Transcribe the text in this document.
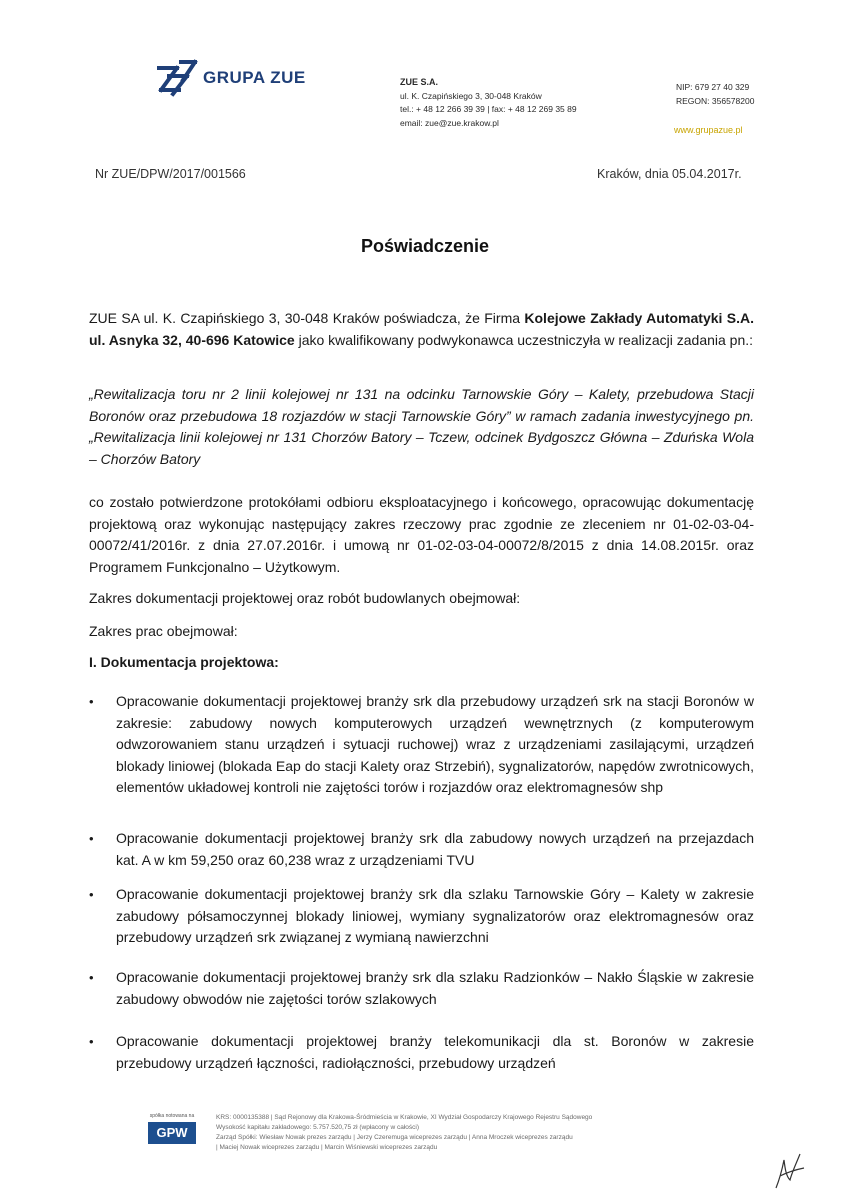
GRUPA ZUE	ZUE S.A.
ul. K. Czapińskiego 3, 30-048 Kraków
tel.: + 48 12 266 39 39 | fax: + 48 12 269 35 89
email: zue@zue.krakow.pl
NIP: 679 27 40 329
REGON: 356578200
www.grupazue.pl
Nr ZUE/DPW/2017/001566	Kraków, dnia 05.04.2017r.
Poświadczenie
ZUE SA ul. K. Czapińskiego 3, 30-048 Kraków poświadcza, że Firma Kolejowe Zakłady Automatyki S.A. ul. Asnyka 32, 40-696 Katowice jako kwalifikowany podwykonawca uczestniczyła w realizacji zadania pn.:
„Rewitalizacja toru nr 2 linii kolejowej nr 131 na odcinku Tarnowskie Góry – Kalety, przebudowa Stacji Boronów oraz przebudowa 18 rozjazdów w stacji Tarnowskie Góry” w ramach zadania inwestycyjnego pn. „Rewitalizacja linii kolejowej nr 131 Chorzów Batory – Tczew, odcinek Bydgoszcz Główna – Zduńska Wola – Chorzów Batory
co zostało potwierdzone protokółami odbioru eksploatacyjnego i końcowego, opracowując dokumentację projektową oraz wykonując następujący zakres rzeczowy prac zgodnie ze zleceniem nr 01-02-03-04-00072/41/2016r. z dnia 27.07.2016r. i umową nr 01-02-03-04-00072/8/2015 z dnia 14.08.2015r. oraz Programem Funkcjonalno – Użytkowym.
Zakres dokumentacji projektowej oraz robót budowlanych obejmował:
Zakres prac obejmował:
I. Dokumentacja projektowa:
•	Opracowanie dokumentacji projektowej branży srk dla przebudowy urządzeń srk na stacji Boronów w zakresie: zabudowy nowych komputerowych urządzeń wewnętrznych (z komputerowym odwzorowaniem stanu urządzeń i sytuacji ruchowej) wraz z urządzeniami zasilającymi, urządzeń blokady liniowej (blokada Eap do stacji Kalety oraz Strzebiń), sygnalizatorów, napędów zwrotnicowych, elementów układowej kontroli nie zajętości torów i rozjazdów oraz elektromagnesów shp
•	Opracowanie dokumentacji projektowej branży srk dla zabudowy nowych urządzeń na przejazdach kat. A w km 59,250 oraz 60,238 wraz z urządzeniami TVU
•	Opracowanie dokumentacji projektowej branży srk dla szlaku Tarnowskie Góry – Kalety w zakresie zabudowy półsamoczynnej blokady liniowej, wymiany sygnalizatorów oraz elektromagnesów oraz przebudowy urządzeń srk związanej z wymianą nawierzchni
•	Opracowanie dokumentacji projektowej branży srk dla szlaku Radzionków – Nakło Śląskie w zakresie zabudowy obwodów nie zajętości torów szlakowych
•	Opracowanie dokumentacji projektowej branży telekomunikacji dla st. Boronów w zakresie przebudowy urządzeń łączności, radiołączności, przebudowy urządzeń
spółka notowana na
GPW
KRS: 0000135388 | Sąd Rejonowy dla Krakowa-Śródmieścia w Krakowie, XI Wydział Gospodarczy Krajowego Rejestru Sądowego
Wysokość kapitału zakładowego: 5.757.520,75 zł (wpłacony w całości)
Zarząd Spółki: Wiesław Nowak prezes zarządu | Jerzy Czeremuga wiceprezes zarządu | Anna Mroczek wiceprezes zarządu
| Maciej Nowak wiceprezes zarządu | Marcin Wiśniewski wiceprezes zarządu
